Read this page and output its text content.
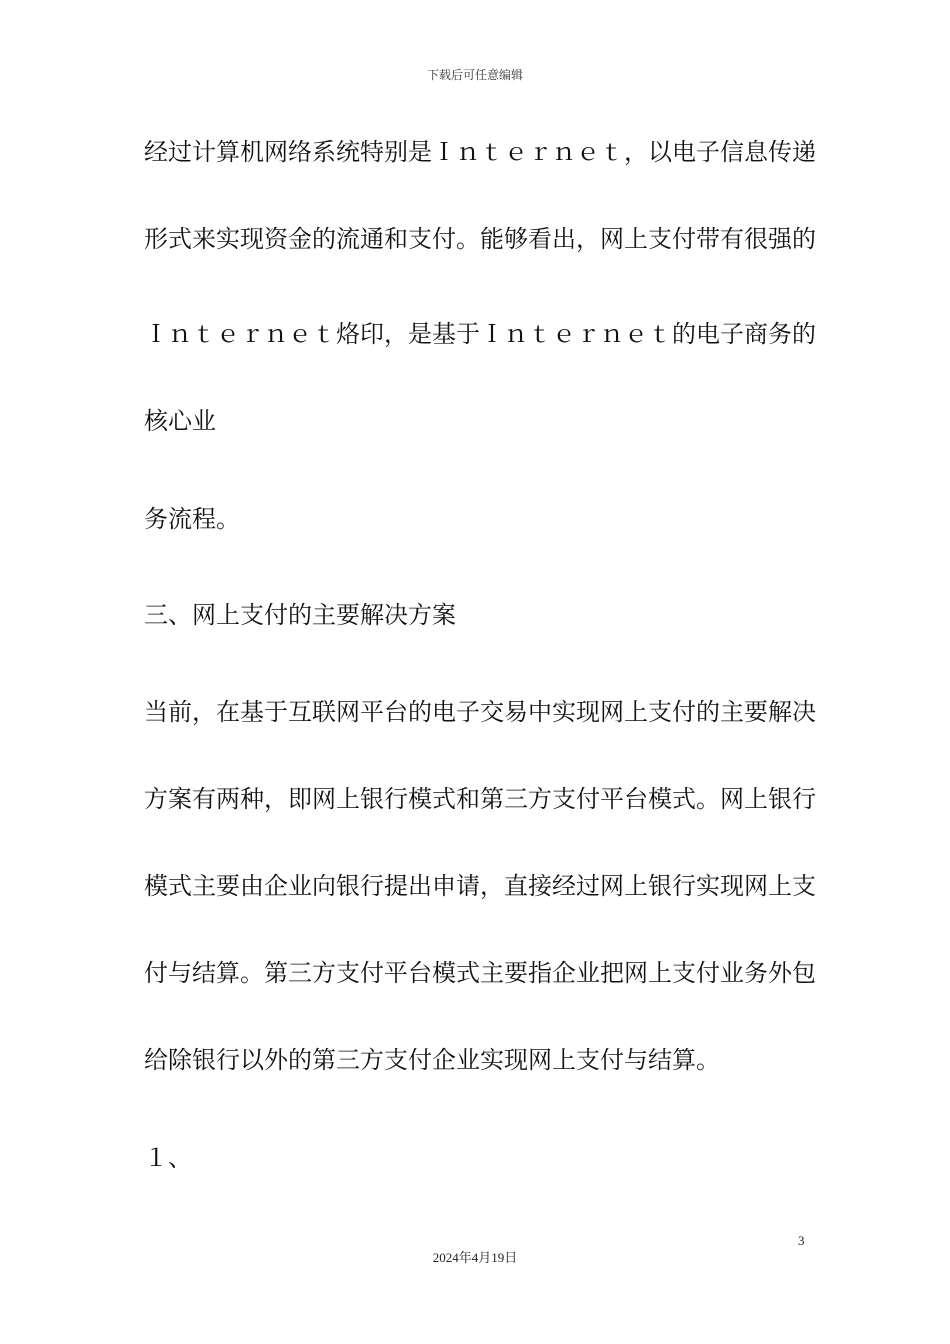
下载后可任意编辑
经过计算机网络系统特别是Ｉｎｔｅｒｎｅｔ，以电子信息传递
形式来实现资金的流通和支付。能够看出，网上支付带有很强的
Ｉｎｔｅｒｎｅｔ烙印，是基于Ｉｎｔｅｒｎｅｔ的电子商务的
核心业
务流程。
三、网上支付的主要解决方案
当前，在基于互联网平台的电子交易中实现网上支付的主要解决
方案有两种，即网上银行模式和第三方支付平台模式。网上银行
模式主要由企业向银行提出申请，直接经过网上银行实现网上支
付与结算。第三方支付平台模式主要指企业把网上支付业务外包
给除银行以外的第三方支付企业实现网上支付与结算。
１、
3
2024年4月19日
